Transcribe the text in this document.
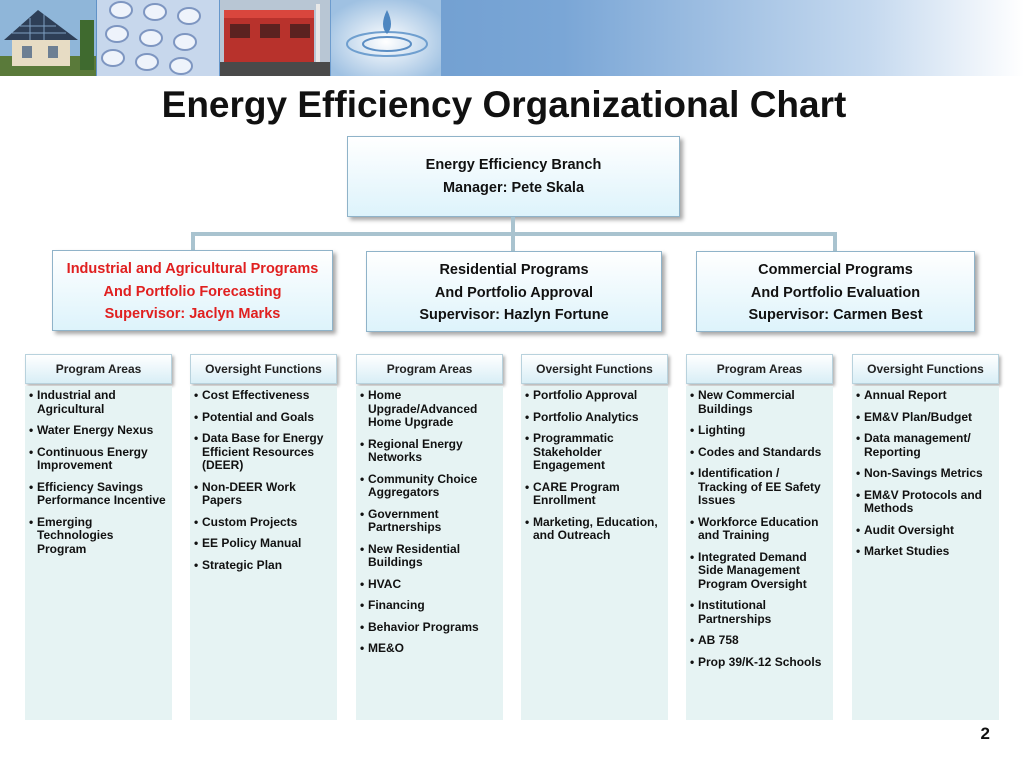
Energy Efficiency Organizational Chart
Energy Efficiency Branch
Manager: Pete Skala
Industrial and Agricultural Programs
And Portfolio Forecasting
Supervisor: Jaclyn Marks
Residential Programs
And Portfolio Approval
Supervisor: Hazlyn Fortune
Commercial Programs
And Portfolio Evaluation
Supervisor: Carmen Best
Program Areas	Oversight Functions	Program Areas	Oversight Functions	Program Areas	Oversight Functions
• Industrial and Agricultural
• Water Energy Nexus
• Continuous Energy Improvement
• Efficiency Savings Performance Incentive
• Emerging Technologies Program
• Cost Effectiveness
• Potential and Goals
• Data Base for Energy Efficient Resources (DEER)
• Non-DEER Work Papers
• Custom Projects
• EE Policy Manual
• Strategic Plan
• Home Upgrade/Advanced Home Upgrade
• Regional Energy Networks
• Community Choice Aggregators
• Government Partnerships
• New Residential Buildings
• HVAC
• Financing
• Behavior Programs
• ME&O
• Portfolio Approval
• Portfolio Analytics
• Programmatic Stakeholder Engagement
• CARE Program Enrollment
• Marketing, Education, and Outreach
• New Commercial Buildings
• Lighting
• Codes and Standards
• Identification / Tracking of EE Safety Issues
• Workforce Education and Training
• Integrated Demand Side Management Program Oversight
• Institutional Partnerships
• AB 758
• Prop 39/K-12 Schools
• Annual Report
• EM&V Plan/Budget
• Data management/ Reporting
• Non-Savings Metrics
• EM&V Protocols and Methods
• Audit Oversight
• Market Studies
2
